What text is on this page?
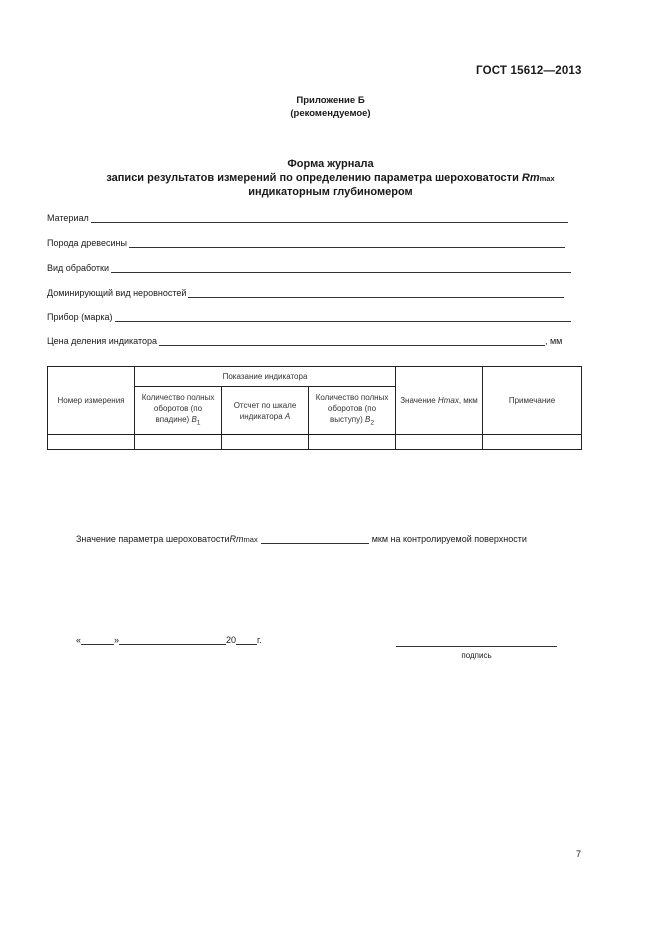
ГОСТ 15612—2013
Приложение Б
(рекомендуемое)
Форма журнала
записи результатов измерений по определению параметра шероховатости Rmmax
индикаторным глубиномером
Материал
Порода древесины
Вид обработки
Доминирующий вид неровностей
Прибор (марка)
Цена деления индикатора	, мм
Номер измерения	Показание индикатора			Значение Hmax, мкм	Примечание
	Количество полных оборотов (по впадине) $B_1$	Отсчет по шкале индикатора A	Количество полных оборотов (по выступу) $B_2$

Значение параметра шероховатости Rm max	мкм на контролируемой поверхности
«	»	20 г.
подпись
7
